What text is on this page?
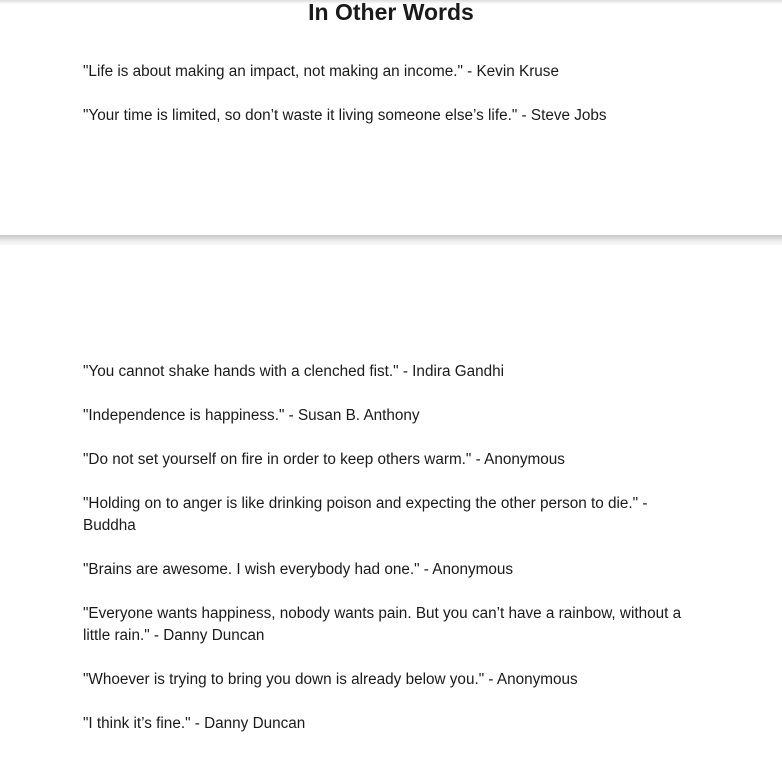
In Other Words
"Life is about making an impact, not making an income." - Kevin Kruse
"Your time is limited, so don’t waste it living someone else’s life." - Steve Jobs
"You cannot shake hands with a clenched fist." - Indira Gandhi
"Independence is happiness." - Susan B. Anthony
"Do not set yourself on fire in order to keep others warm." - Anonymous
"Holding on to anger is like drinking poison and expecting the other person to die." - Buddha
"Brains are awesome. I wish everybody had one." - Anonymous
"Everyone wants happiness, nobody wants pain. But you can’t have a rainbow, without a little rain." - Danny Duncan
"Whoever is trying to bring you down is already below you." - Anonymous
"I think it’s fine." - Danny Duncan
